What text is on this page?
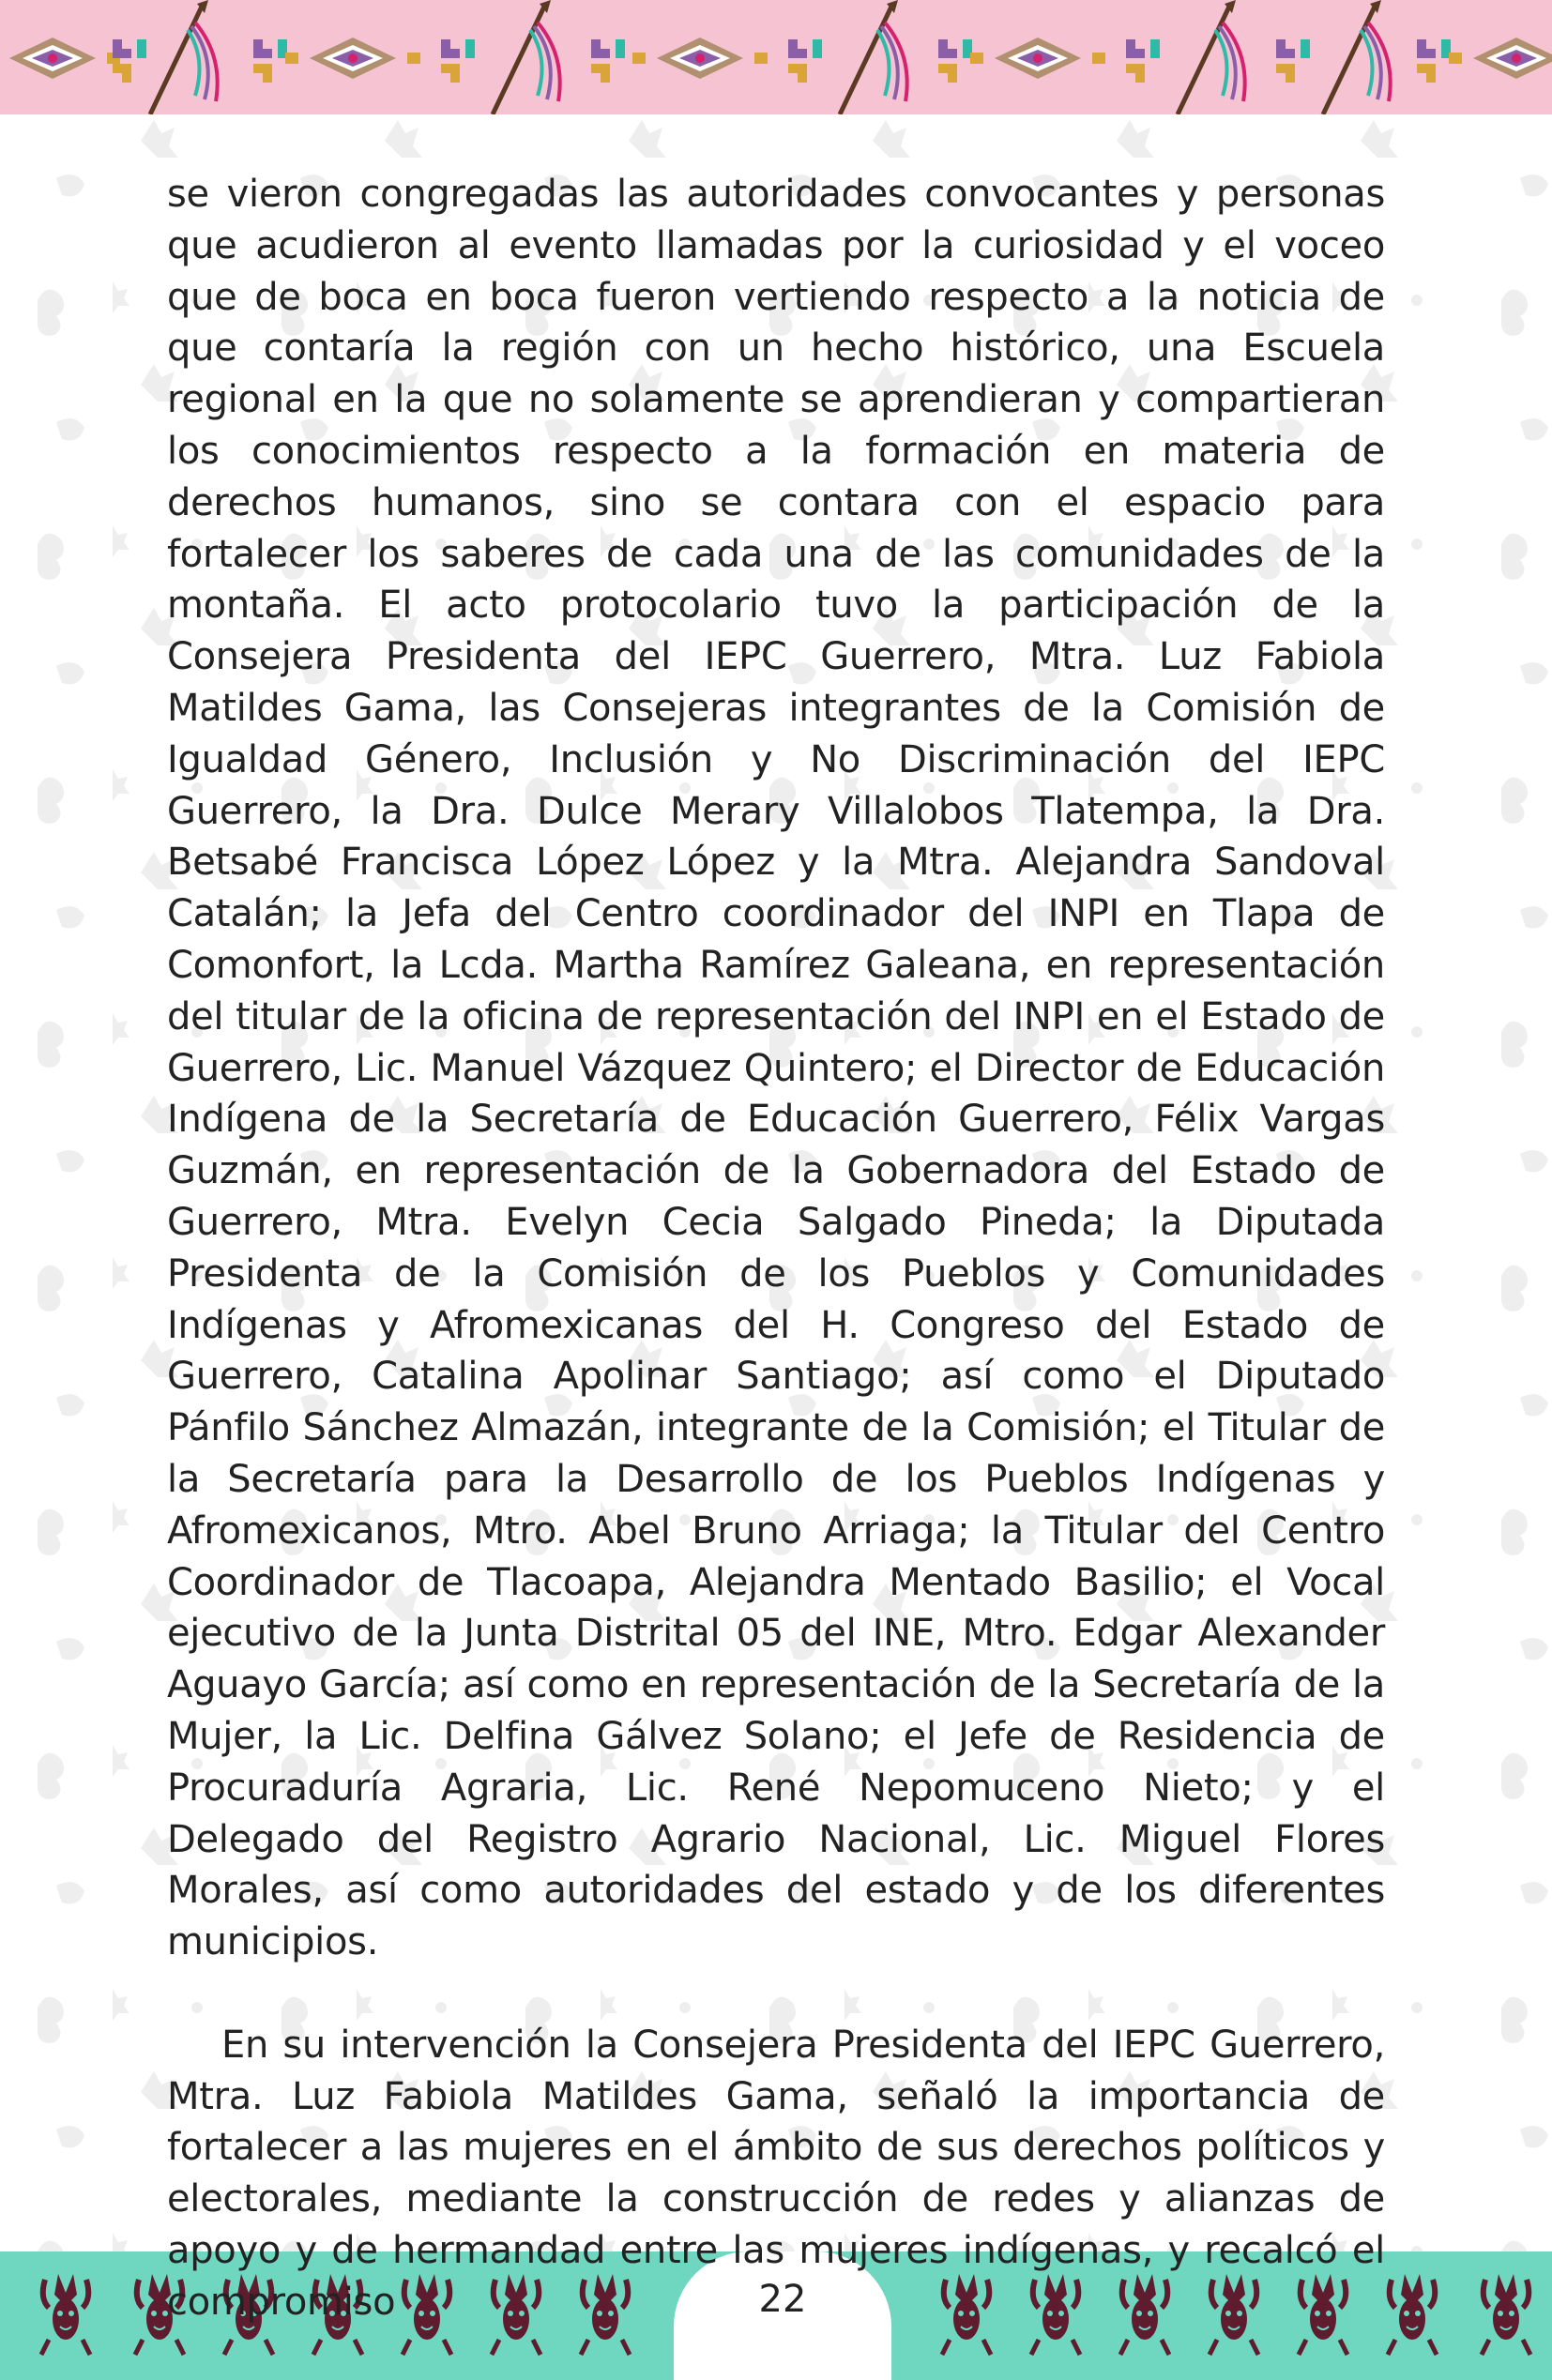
se vieron congregadas las autoridades convocantes y personas que acudieron al evento llamadas por la curiosidad y el voceo que de boca en boca fueron vertiendo respecto a la noticia de que contaría la región con un hecho histórico, una Escuela regional en la que no solamente se aprendieran y compartieran los conocimientos respecto a la formación en materia de derechos humanos, sino se contara con el espacio para fortalecer los saberes de cada una de las comunidades de la montaña. El acto protocolario tuvo la participación de la Consejera Presidenta del IEPC Guerrero, Mtra. Luz Fabiola Matildes Gama, las Consejeras integrantes de la Comisión de Igualdad Género, Inclusión y No Discriminación del IEPC Guerrero, la Dra. Dulce Merary Villalobos Tlatempa, la Dra. Betsabé Francisca López López y la Mtra. Alejandra Sandoval Catalán; la Jefa del Centro coordinador del INPI en Tlapa de Comonfort, la Lcda. Martha Ramírez Galeana, en representación del titular de la oficina de representación del INPI en el Estado de Guerrero, Lic. Manuel Vázquez Quintero; el Director de Educación Indígena de la Secretaría de Educación Guerrero, Félix Vargas Guzmán, en representación de la Gobernadora del Estado de Guerrero, Mtra. Evelyn Cecia Salgado Pineda; la Diputada Presidenta de la Comisión de los Pueblos y Comunidades Indígenas y Afromexicanas del H. Congreso del Estado de Guerrero, Catalina Apolinar Santiago; así como el Diputado Pánfilo Sánchez Almazán, integrante de la Comisión; el Titular de la Secretaría para la Desarrollo de los Pueblos Indígenas y Afromexicanos, Mtro. Abel Bruno Arriaga; la Titular del Centro Coordinador de Tlacoapa, Alejandra Mentado Basilio; el Vocal ejecutivo de la Junta Distrital 05 del INE, Mtro. Edgar Alexander Aguayo García; así como en representación de la Secretaría de la Mujer, la Lic. Delfina Gálvez Solano; el Jefe de Residencia de Procuraduría Agraria, Lic. René Nepomuceno Nieto; y el Delegado del Registro Agrario Nacional, Lic. Miguel Flores Morales, así como autoridades del estado y de los diferentes municipios.

En su intervención la Consejera Presidenta del IEPC Guerrero, Mtra. Luz Fabiola Matildes Gama, señaló la importancia de fortalecer a las mujeres en el ámbito de sus derechos políticos y electorales, mediante la construcción de redes y alianzas de apoyo y de hermandad entre las mujeres indígenas, y recalcó el compromiso	22
